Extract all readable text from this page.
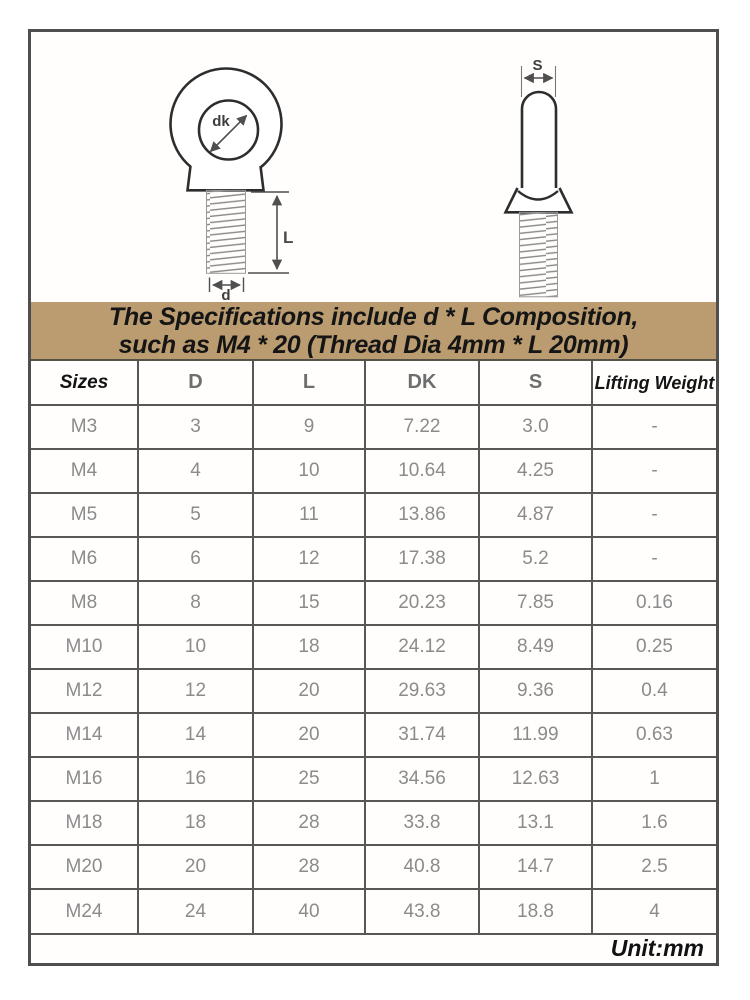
dk
L
d
S
The Specifications include d * L Composition,
such as M4 * 20 (Thread Dia 4mm * L 20mm)
Sizes	D	L	DK	S	Lifting Weight
M3	3	9	7.22	3.0	-
M4	4	10	10.64	4.25	-
M5	5	11	13.86	4.87	-
M6	6	12	17.38	5.2	-
M8	8	15	20.23	7.85	0.16
M10	10	18	24.12	8.49	0.25
M12	12	20	29.63	9.36	0.4
M14	14	20	31.74	11.99	0.63
M16	16	25	34.56	12.63	1
M18	18	28	33.8	13.1	1.6
M20	20	28	40.8	14.7	2.5
M24	24	40	43.8	18.8	4
Unit:mm
